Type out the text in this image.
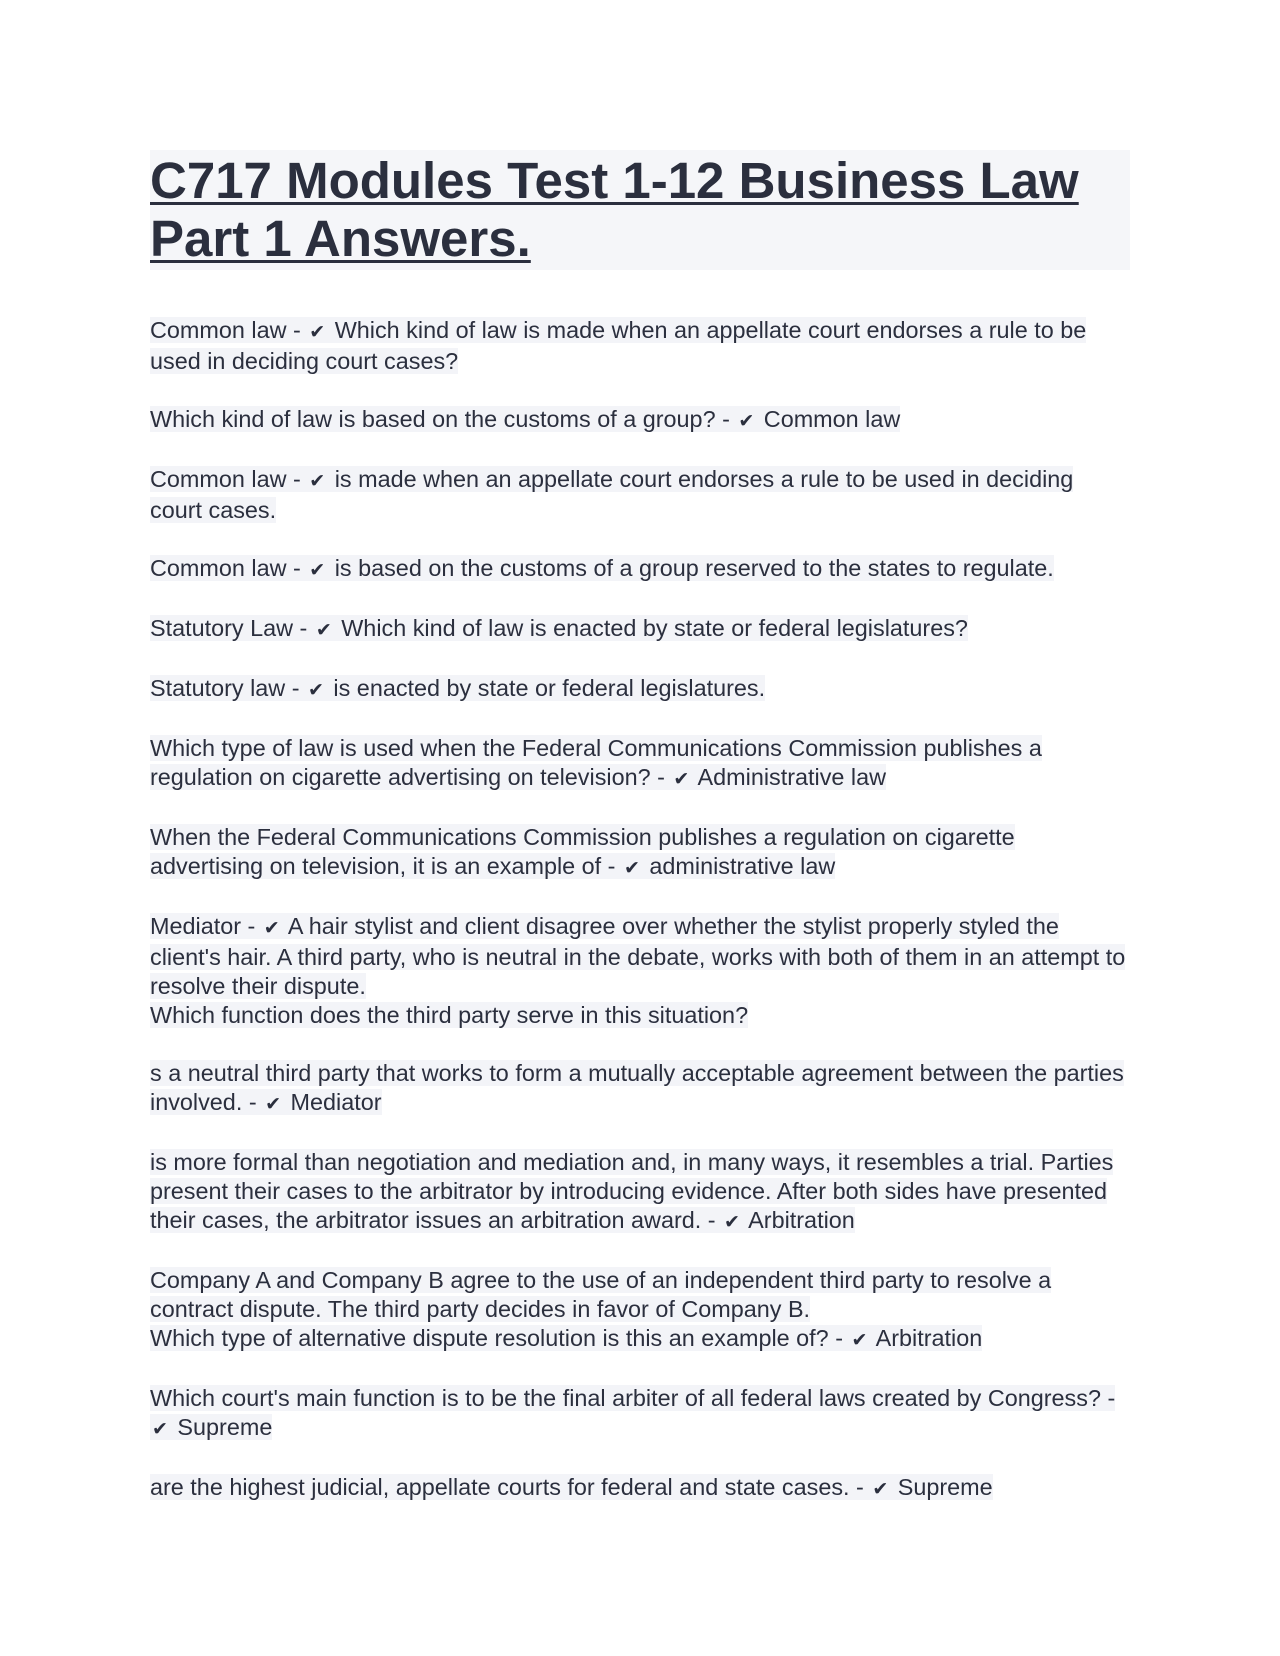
C717 Modules Test 1-12 Business Law Part 1 Answers.

Common law - ✔ Which kind of law is made when an appellate court endorses a rule to be used in deciding court cases?

Which kind of law is based on the customs of a group? - ✔ Common law

Common law - ✔ is made when an appellate court endorses a rule to be used in deciding court cases.

Common law - ✔ is based on the customs of a group reserved to the states to regulate.

Statutory Law - ✔ Which kind of law is enacted by state or federal legislatures?

Statutory law - ✔ is enacted by state or federal legislatures.

Which type of law is used when the Federal Communications Commission publishes a regulation on cigarette advertising on television? - ✔ Administrative law

When the Federal Communications Commission publishes a regulation on cigarette advertising on television, it is an example of - ✔ administrative law

Mediator - ✔ A hair stylist and client disagree over whether the stylist properly styled the client's hair. A third party, who is neutral in the debate, works with both of them in an attempt to resolve their dispute.
Which function does the third party serve in this situation?

s a neutral third party that works to form a mutually acceptable agreement between the parties involved. - ✔ Mediator

is more formal than negotiation and mediation and, in many ways, it resembles a trial. Parties present their cases to the arbitrator by introducing evidence. After both sides have presented their cases, the arbitrator issues an arbitration award. - ✔ Arbitration

Company A and Company B agree to the use of an independent third party to resolve a contract dispute. The third party decides in favor of Company B.
Which type of alternative dispute resolution is this an example of? - ✔ Arbitration

Which court's main function is to be the final arbiter of all federal laws created by Congress? - ✔ Supreme

are the highest judicial, appellate courts for federal and state cases. - ✔ Supreme
